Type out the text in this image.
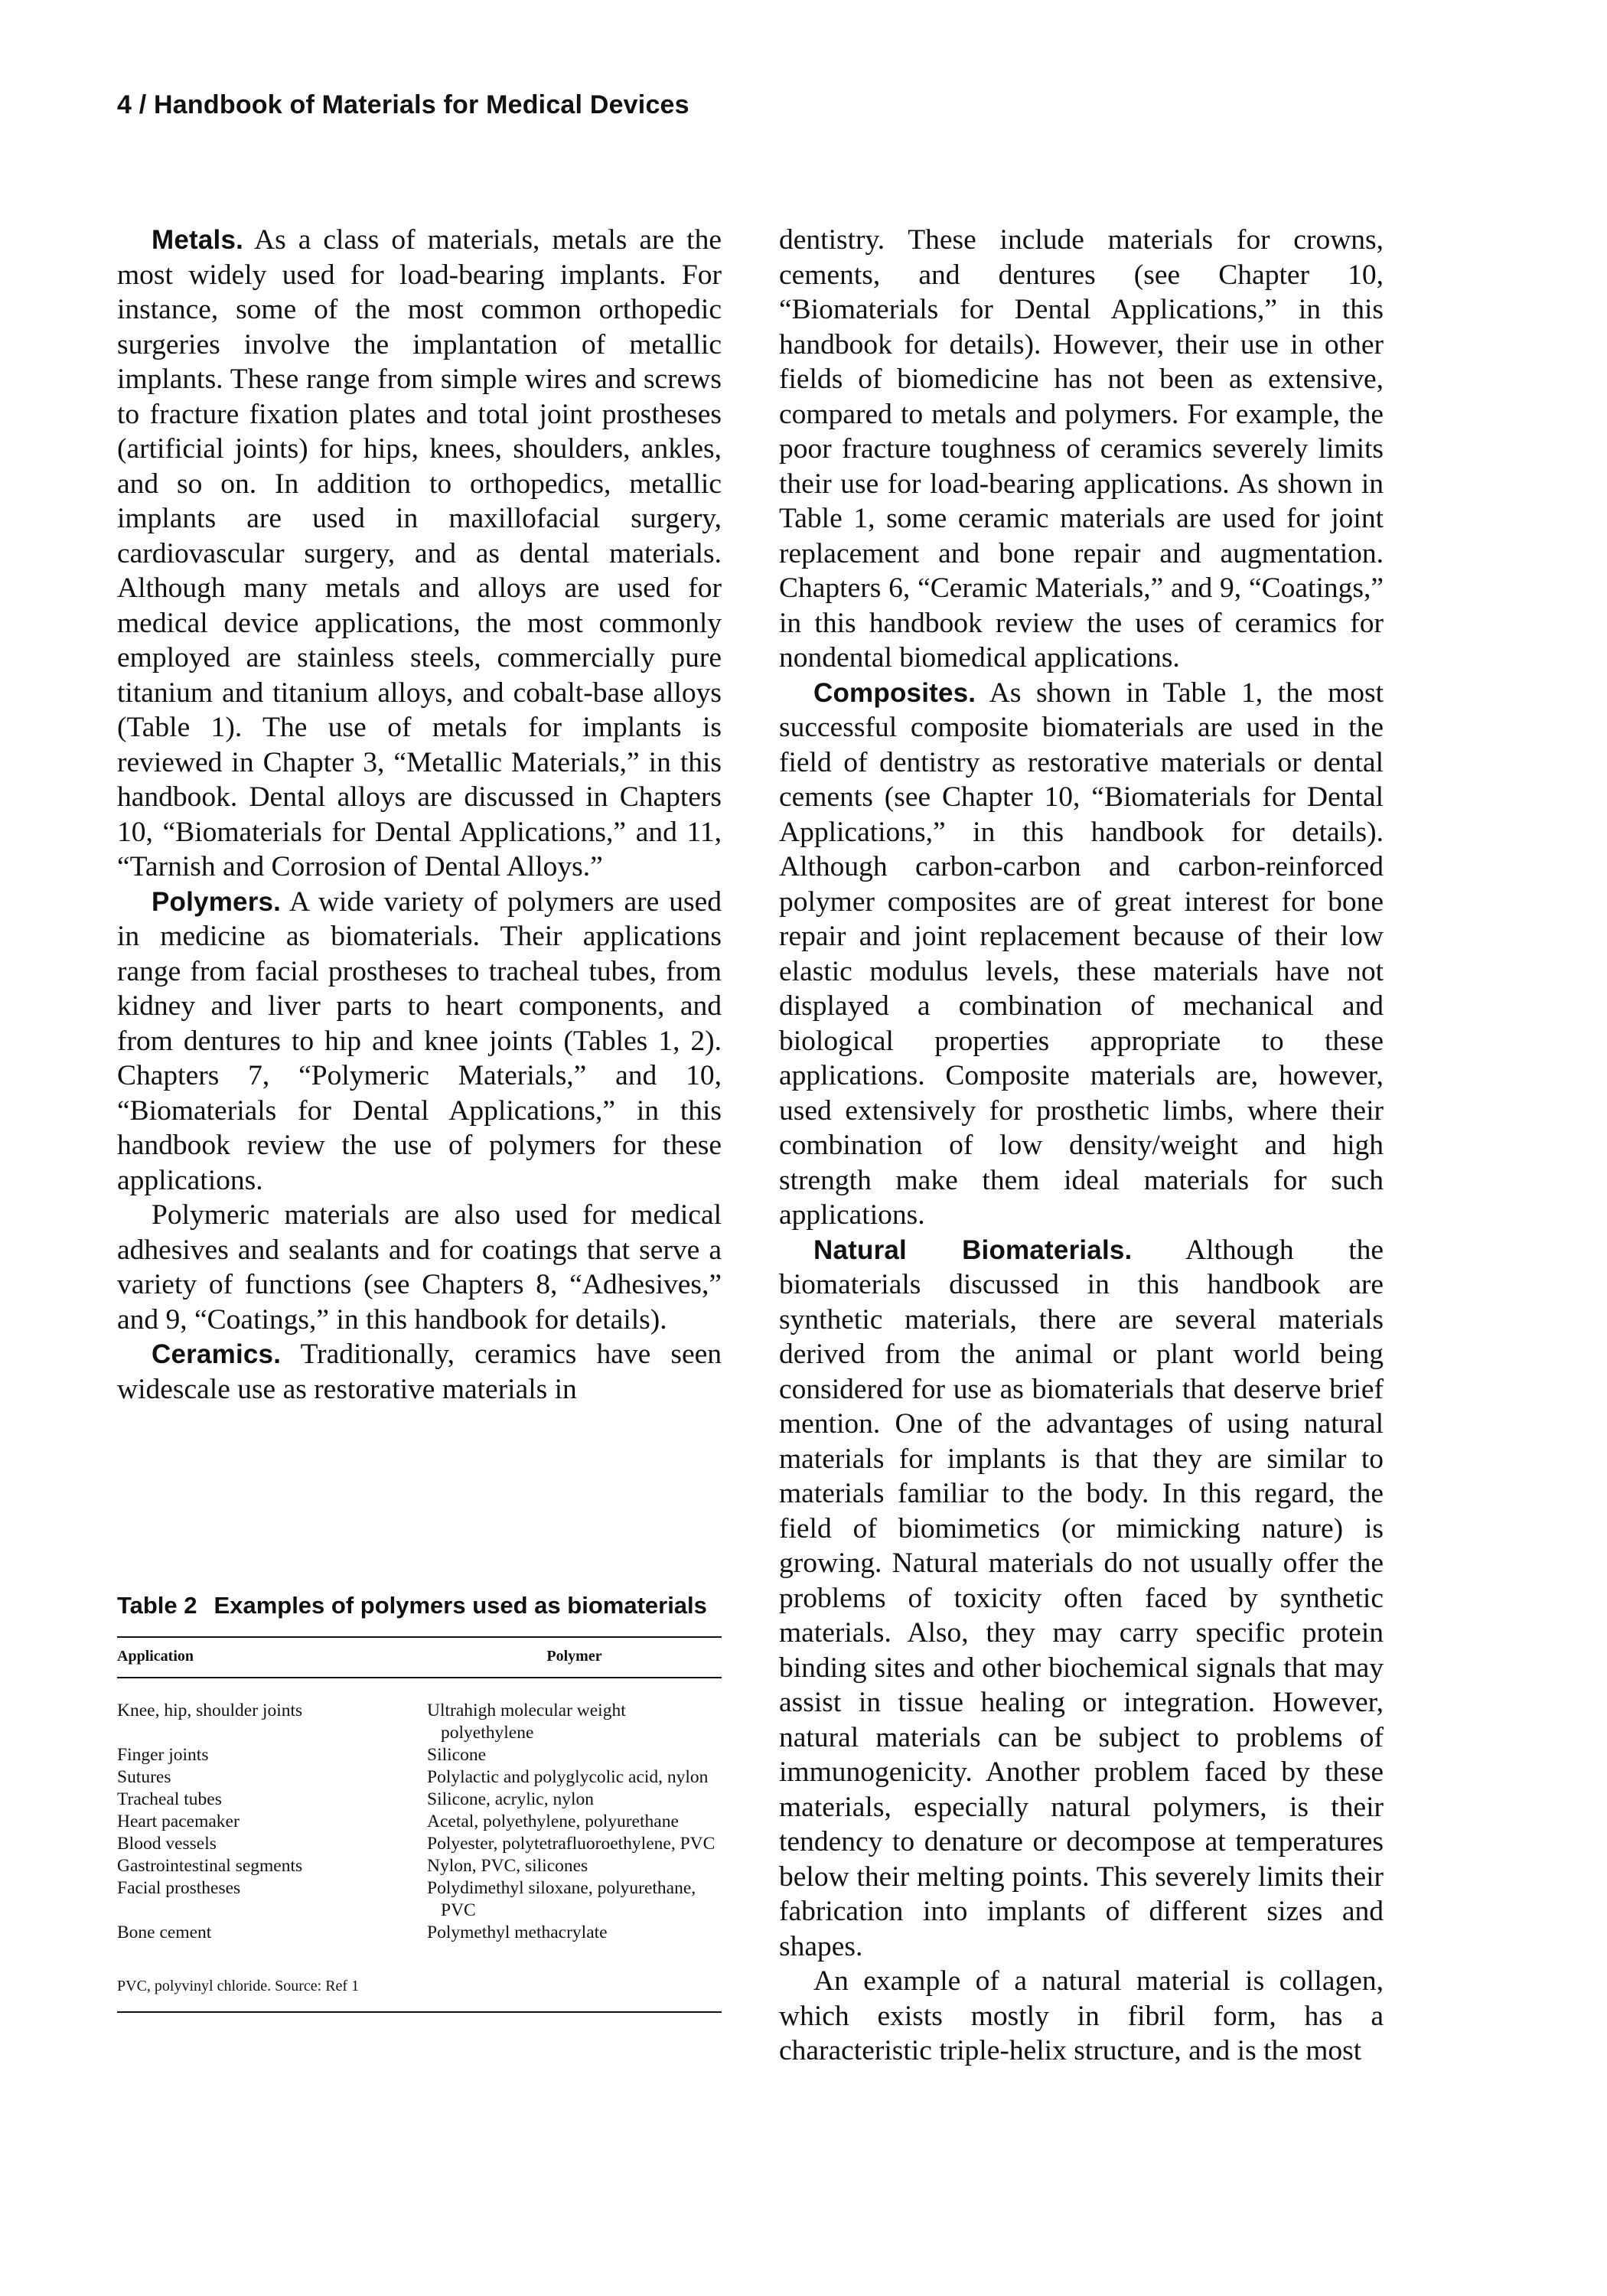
4 / Handbook of Materials for Medical Devices

Metals. As a class of materials, metals are the most widely used for load-bearing implants. For instance, some of the most common orthopedic surgeries involve the implantation of metallic implants. These range from simple wires and screws to fracture fixation plates and total joint prostheses (artificial joints) for hips, knees, shoulders, ankles, and so on. In addition to orthopedics, metallic implants are used in maxillofacial surgery, cardiovascular surgery, and as dental materials. Although many metals and alloys are used for medical device applications, the most commonly employed are stainless steels, commercially pure titanium and titanium alloys, and cobalt-base alloys (Table 1). The use of metals for implants is reviewed in Chapter 3, “Metallic Materials,” in this handbook. Dental alloys are discussed in Chapters 10, “Biomaterials for Dental Applications,” and 11, “Tarnish and Corrosion of Dental Alloys.”

Polymers. A wide variety of polymers are used in medicine as biomaterials. Their applications range from facial prostheses to tracheal tubes, from kidney and liver parts to heart components, and from dentures to hip and knee joints (Tables 1, 2). Chapters 7, “Polymeric Materials,” and 10, “Biomaterials for Dental Applications,” in this handbook review the use of polymers for these applications.

Polymeric materials are also used for medical adhesives and sealants and for coatings that serve a variety of functions (see Chapters 8, “Adhesives,” and 9, “Coatings,” in this handbook for details).

Ceramics. Traditionally, ceramics have seen widescale use as restorative materials in

Table 2 Examples of polymers used as biomaterials
Application	Polymer
Knee, hip, shoulder joints	Ultrahigh molecular weight polyethylene

Finger joints	Silicone

Sutures	Polylactic and polyglycolic acid, nylon

Tracheal tubes	Silicone, acrylic, nylon

Heart pacemaker	Acetal, polyethylene, polyurethane

Blood vessels	Polyester, polytetrafluoroethylene, PVC

Gastrointestinal segments	Nylon, PVC, silicones

Facial prostheses	Polydimethyl siloxane, polyurethane, PVC

Bone cement	Polymethyl methacrylate
PVC, polyvinyl chloride. Source: Ref 1

dentistry. These include materials for crowns, cements, and dentures (see Chapter 10, “Biomaterials for Dental Applications,” in this handbook for details). However, their use in other fields of biomedicine has not been as extensive, compared to metals and polymers. For example, the poor fracture toughness of ceramics severely limits their use for load-bearing applications. As shown in Table 1, some ceramic materials are used for joint replacement and bone repair and augmentation. Chapters 6, “Ceramic Materials,” and 9, “Coatings,” in this handbook review the uses of ceramics for nondental biomedical applications.

Composites. As shown in Table 1, the most successful composite biomaterials are used in the field of dentistry as restorative materials or dental cements (see Chapter 10, “Biomaterials for Dental Applications,” in this handbook for details). Although carbon-carbon and carbon-reinforced polymer composites are of great interest for bone repair and joint replacement because of their low elastic modulus levels, these materials have not displayed a combination of mechanical and biological properties appropriate to these applications. Composite materials are, however, used extensively for prosthetic limbs, where their combination of low density/weight and high strength make them ideal materials for such applications.

Natural Biomaterials. Although the biomaterials discussed in this handbook are synthetic materials, there are several materials derived from the animal or plant world being considered for use as biomaterials that deserve brief mention. One of the advantages of using natural materials for implants is that they are similar to materials familiar to the body. In this regard, the field of biomimetics (or mimicking nature) is growing. Natural materials do not usually offer the problems of toxicity often faced by synthetic materials. Also, they may carry specific protein binding sites and other biochemical signals that may assist in tissue healing or integration. However, natural materials can be subject to problems of immunogenicity. Another problem faced by these materials, especially natural polymers, is their tendency to denature or decompose at temperatures below their melting points. This severely limits their fabrication into implants of different sizes and shapes.

An example of a natural material is collagen, which exists mostly in fibril form, has a characteristic triple-helix structure, and is the most
